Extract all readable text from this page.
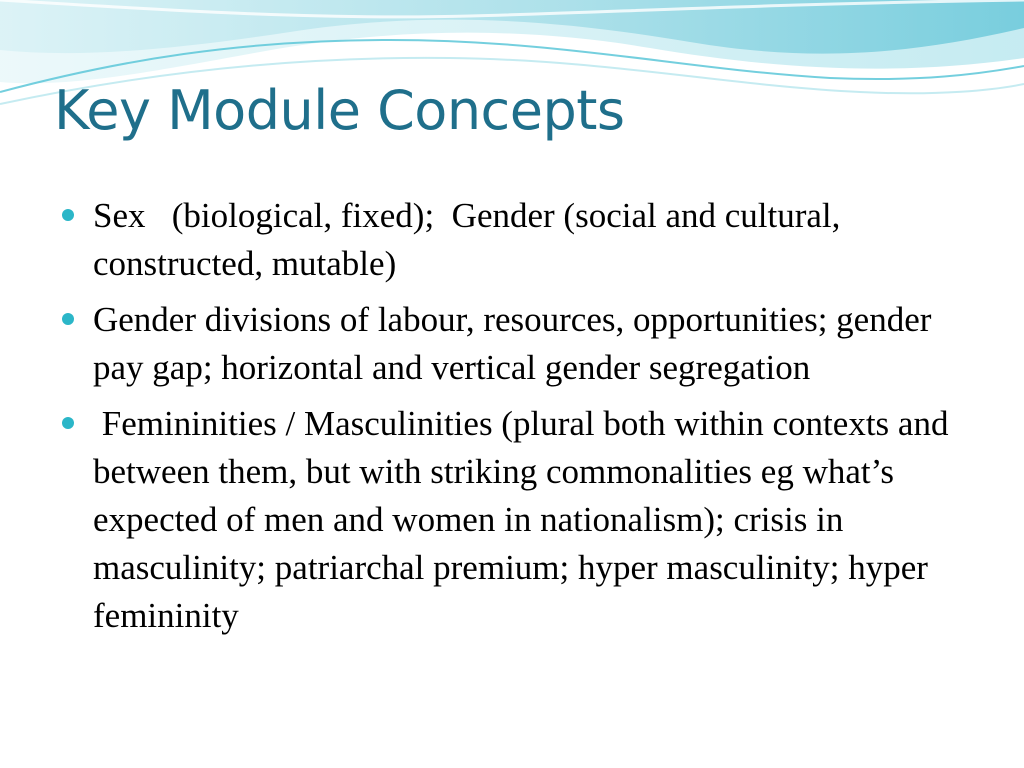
Key Module Concepts
Sex   (biological, fixed);  Gender (social and cultural, constructed, mutable)
Gender divisions of labour, resources, opportunities; gender pay gap; horizontal and vertical gender segregation
Femininities / Masculinities (plural both within contexts and between them, but with striking commonalities eg what’s expected of men and women in nationalism); crisis in masculinity; patriarchal premium; hyper masculinity; hyper femininity
